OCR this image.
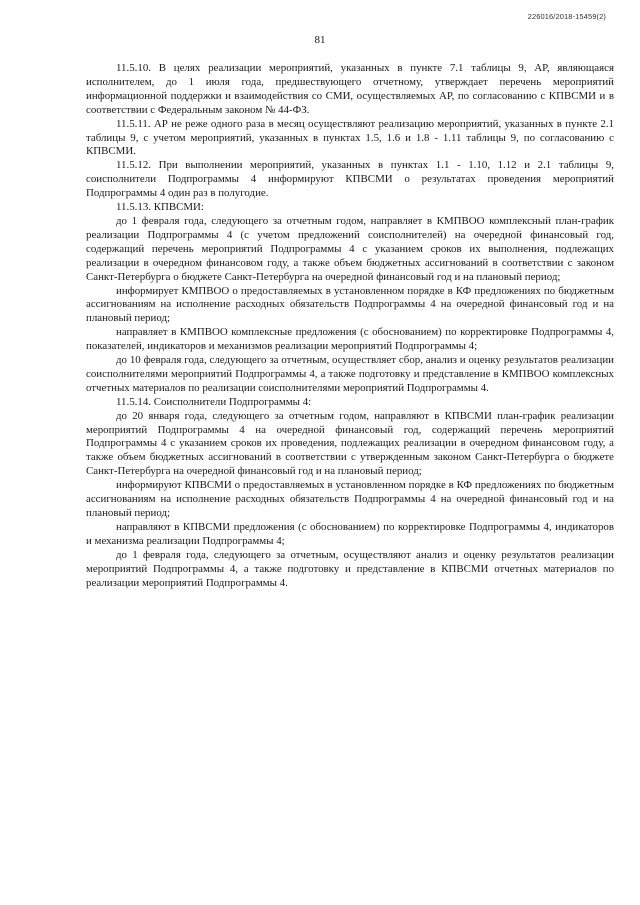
226016/2018-15459(2)
81

11.5.10. В целях реализации мероприятий, указанных в пункте 7.1 таблицы 9, АР, являющаяся исполнителем, до 1 июля года, предшествующего отчетному, утверждает перечень мероприятий информационной поддержки и взаимодействия со СМИ, осуществляемых АР, по согласованию с КПВСМИ и в соответствии с Федеральным законом № 44-ФЗ.

11.5.11. АР не реже одного раза в месяц осуществляют реализацию мероприятий, указанных в пункте 2.1 таблицы 9, с учетом мероприятий, указанных в пунктах 1.5, 1.6 и 1.8 - 1.11 таблицы 9, по согласованию с КПВСМИ.

11.5.12. При выполнении мероприятий, указанных в пунктах 1.1 - 1.10, 1.12 и 2.1 таблицы 9, соисполнители Подпрограммы 4 информируют КПВСМИ о результатах проведения мероприятий Подпрограммы 4 один раз в полугодие.

11.5.13. КПВСМИ:

до 1 февраля года, следующего за отчетным годом, направляет в КМПВОО комплексный план-график реализации Подпрограммы 4 (с учетом предложений соисполнителей) на очередной финансовый год, содержащий перечень мероприятий Подпрограммы 4 с указанием сроков их выполнения, подлежащих реализации в очередном финансовом году, а также объем бюджетных ассигнований в соответствии с законом Санкт-Петербурга о бюджете Санкт-Петербурга на очередной финансовый год и на плановый период;

информирует КМПВОО о предоставляемых в установленном порядке в КФ предложениях по бюджетным ассигнованиям на исполнение расходных обязательств Подпрограммы 4 на очередной финансовый год и на плановый период;

направляет в КМПВОО комплексные предложения (с обоснованием) по корректировке Подпрограммы 4, показателей, индикаторов и механизмов реализации мероприятий Подпрограммы 4;

до 10 февраля года, следующего за отчетным, осуществляет сбор, анализ и оценку результатов реализации соисполнителями мероприятий Подпрограммы 4, а также подготовку и представление в КМПВОО комплексных отчетных материалов по реализации соисполнителями мероприятий Подпрограммы 4.

11.5.14. Соисполнители Подпрограммы 4:

до 20 января года, следующего за отчетным годом, направляют в КПВСМИ план-график реализации мероприятий Подпрограммы 4 на очередной финансовый год, содержащий перечень мероприятий Подпрограммы 4 с указанием сроков их проведения, подлежащих реализации в очередном финансовом году, а также объем бюджетных ассигнований в соответствии с утвержденным законом Санкт-Петербурга о бюджете Санкт-Петербурга на очередной финансовый год и на плановый период;

информируют КПВСМИ о предоставляемых в установленном порядке в КФ предложениях по бюджетным ассигнованиям на исполнение расходных обязательств Подпрограммы 4 на очередной финансовый год и на плановый период;

направляют в КПВСМИ предложения (с обоснованием) по корректировке Подпрограммы 4, индикаторов и механизма реализации Подпрограммы 4;

до 1 февраля года, следующего за отчетным, осуществляют анализ и оценку результатов реализации мероприятий Подпрограммы 4, а также подготовку и представление в КПВСМИ отчетных материалов по реализации мероприятий Подпрограммы 4.
